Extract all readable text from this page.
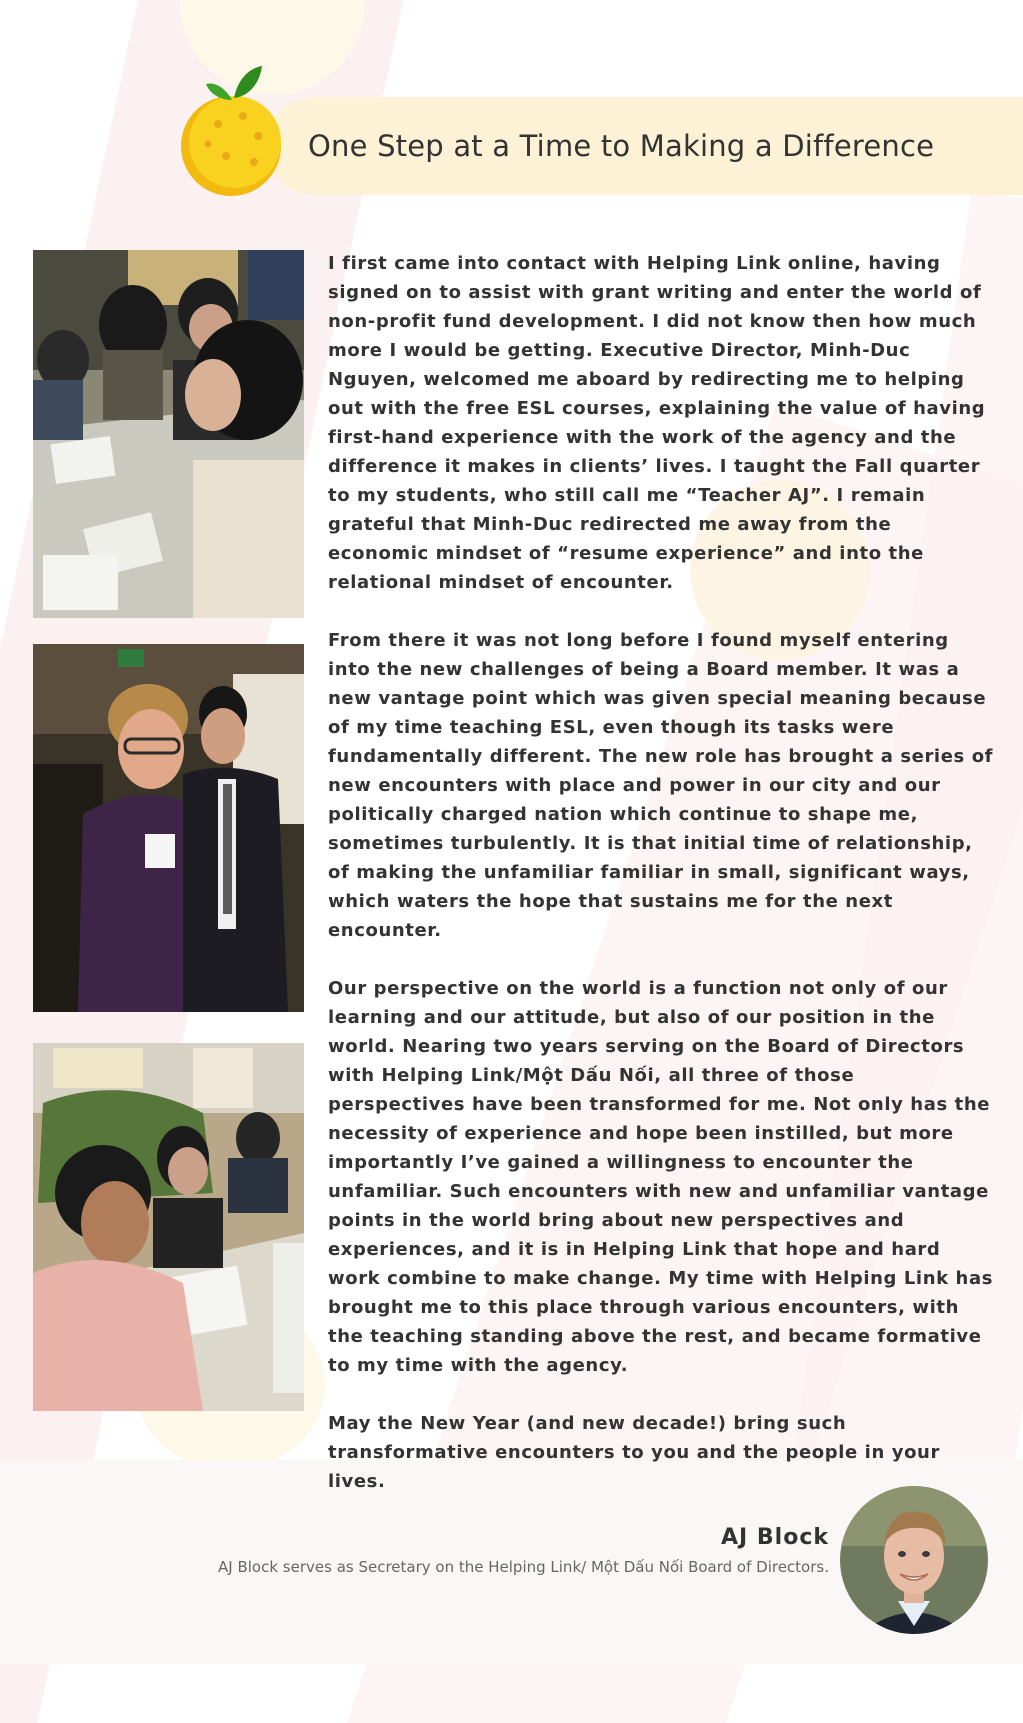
One Step at a Time to Making a Difference

I first came into contact with Helping Link online, having signed on to assist with grant writing and enter the world of non-profit fund development. I did not know then how much more I would be getting. Executive Director, Minh-Duc Nguyen, welcomed me aboard by redirecting me to helping out with the free ESL courses, explaining the value of having first-hand experience with the work of the agency and the difference it makes in clients’ lives. I taught the Fall quarter to my students, who still call me “Teacher AJ”. I remain grateful that Minh-Duc redirected me away from the economic mindset of “resume experience” and into the relational mindset of encounter.

From there it was not long before I found myself entering into the new challenges of being a Board member. It was a new vantage point which was given special meaning because of my time teaching ESL, even though its tasks were fundamentally different. The new role has brought a series of new encounters with place and power in our city and our politically charged nation which continue to shape me, sometimes turbulently. It is that initial time of relationship, of making the unfamiliar familiar in small, significant ways, which waters the hope that sustains me for the next encounter.

Our perspective on the world is a function not only of our learning and our attitude, but also of our position in the world. Nearing two years serving on the Board of Directors with Helping Link/Một Dấu Nối, all three of those perspectives have been transformed for me. Not only has the necessity of experience and hope been instilled, but more importantly I’ve gained a willingness to encounter the unfamiliar. Such encounters with new and unfamiliar vantage points in the world bring about new perspectives and experiences, and it is in Helping Link that hope and hard work combine to make change. My time with Helping Link has brought me to this place through various encounters, with the teaching standing above the rest, and became formative to my time with the agency.

May the New Year (and new decade!) bring such transformative encounters to you and the people in your lives.

AJ Block

AJ Block serves as Secretary on the Helping Link/ Một Dấu Nối Board of Directors.
